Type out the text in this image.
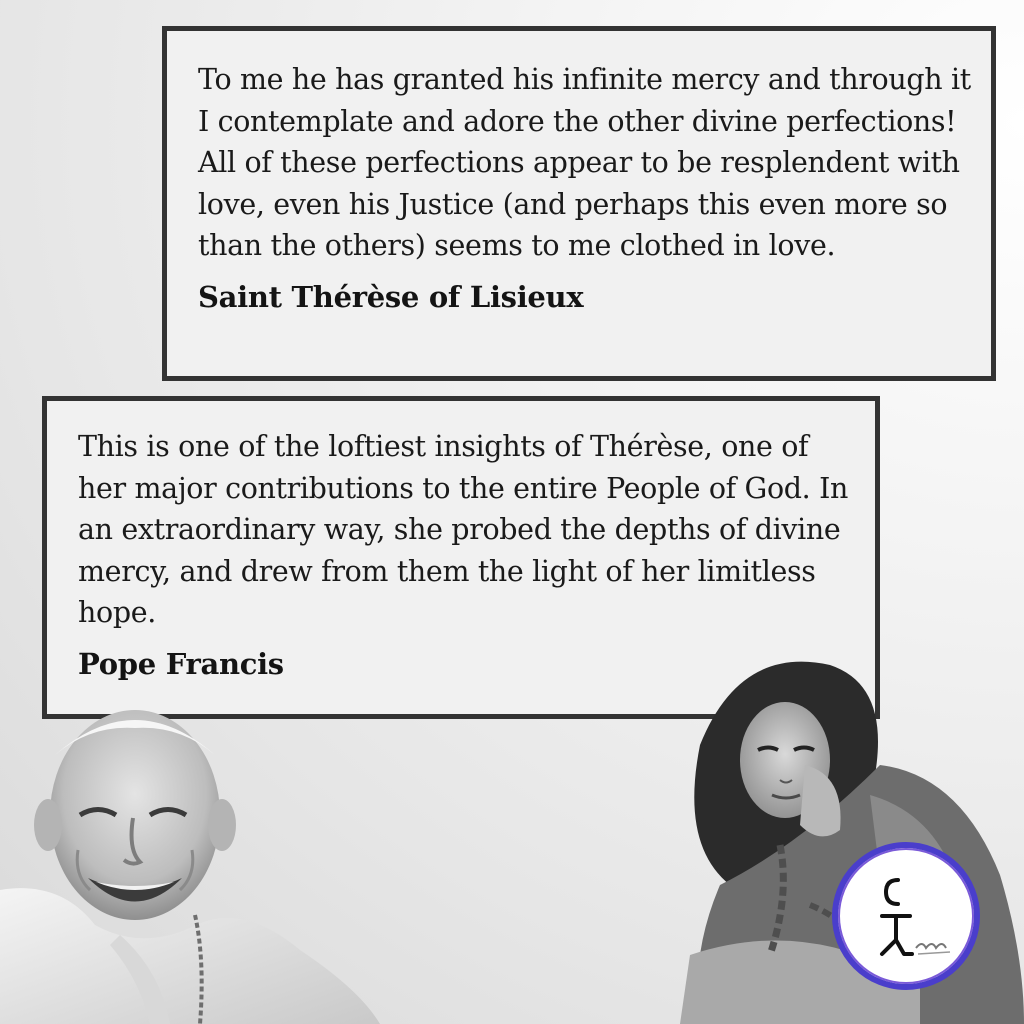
To me he has granted his infinite mercy and through it I contemplate and adore the other divine perfections! All of these perfections appear to be resplendent with love, even his Justice (and perhaps this even more so than the others) seems to me clothed in love.

Saint Thérèse of Lisieux

This is one of the loftiest insights of Thérèse, one of her major contributions to the entire People of God. In an extraordinary way, she probed the depths of divine mercy, and drew from them the light of her limitless hope.

Pope Francis
